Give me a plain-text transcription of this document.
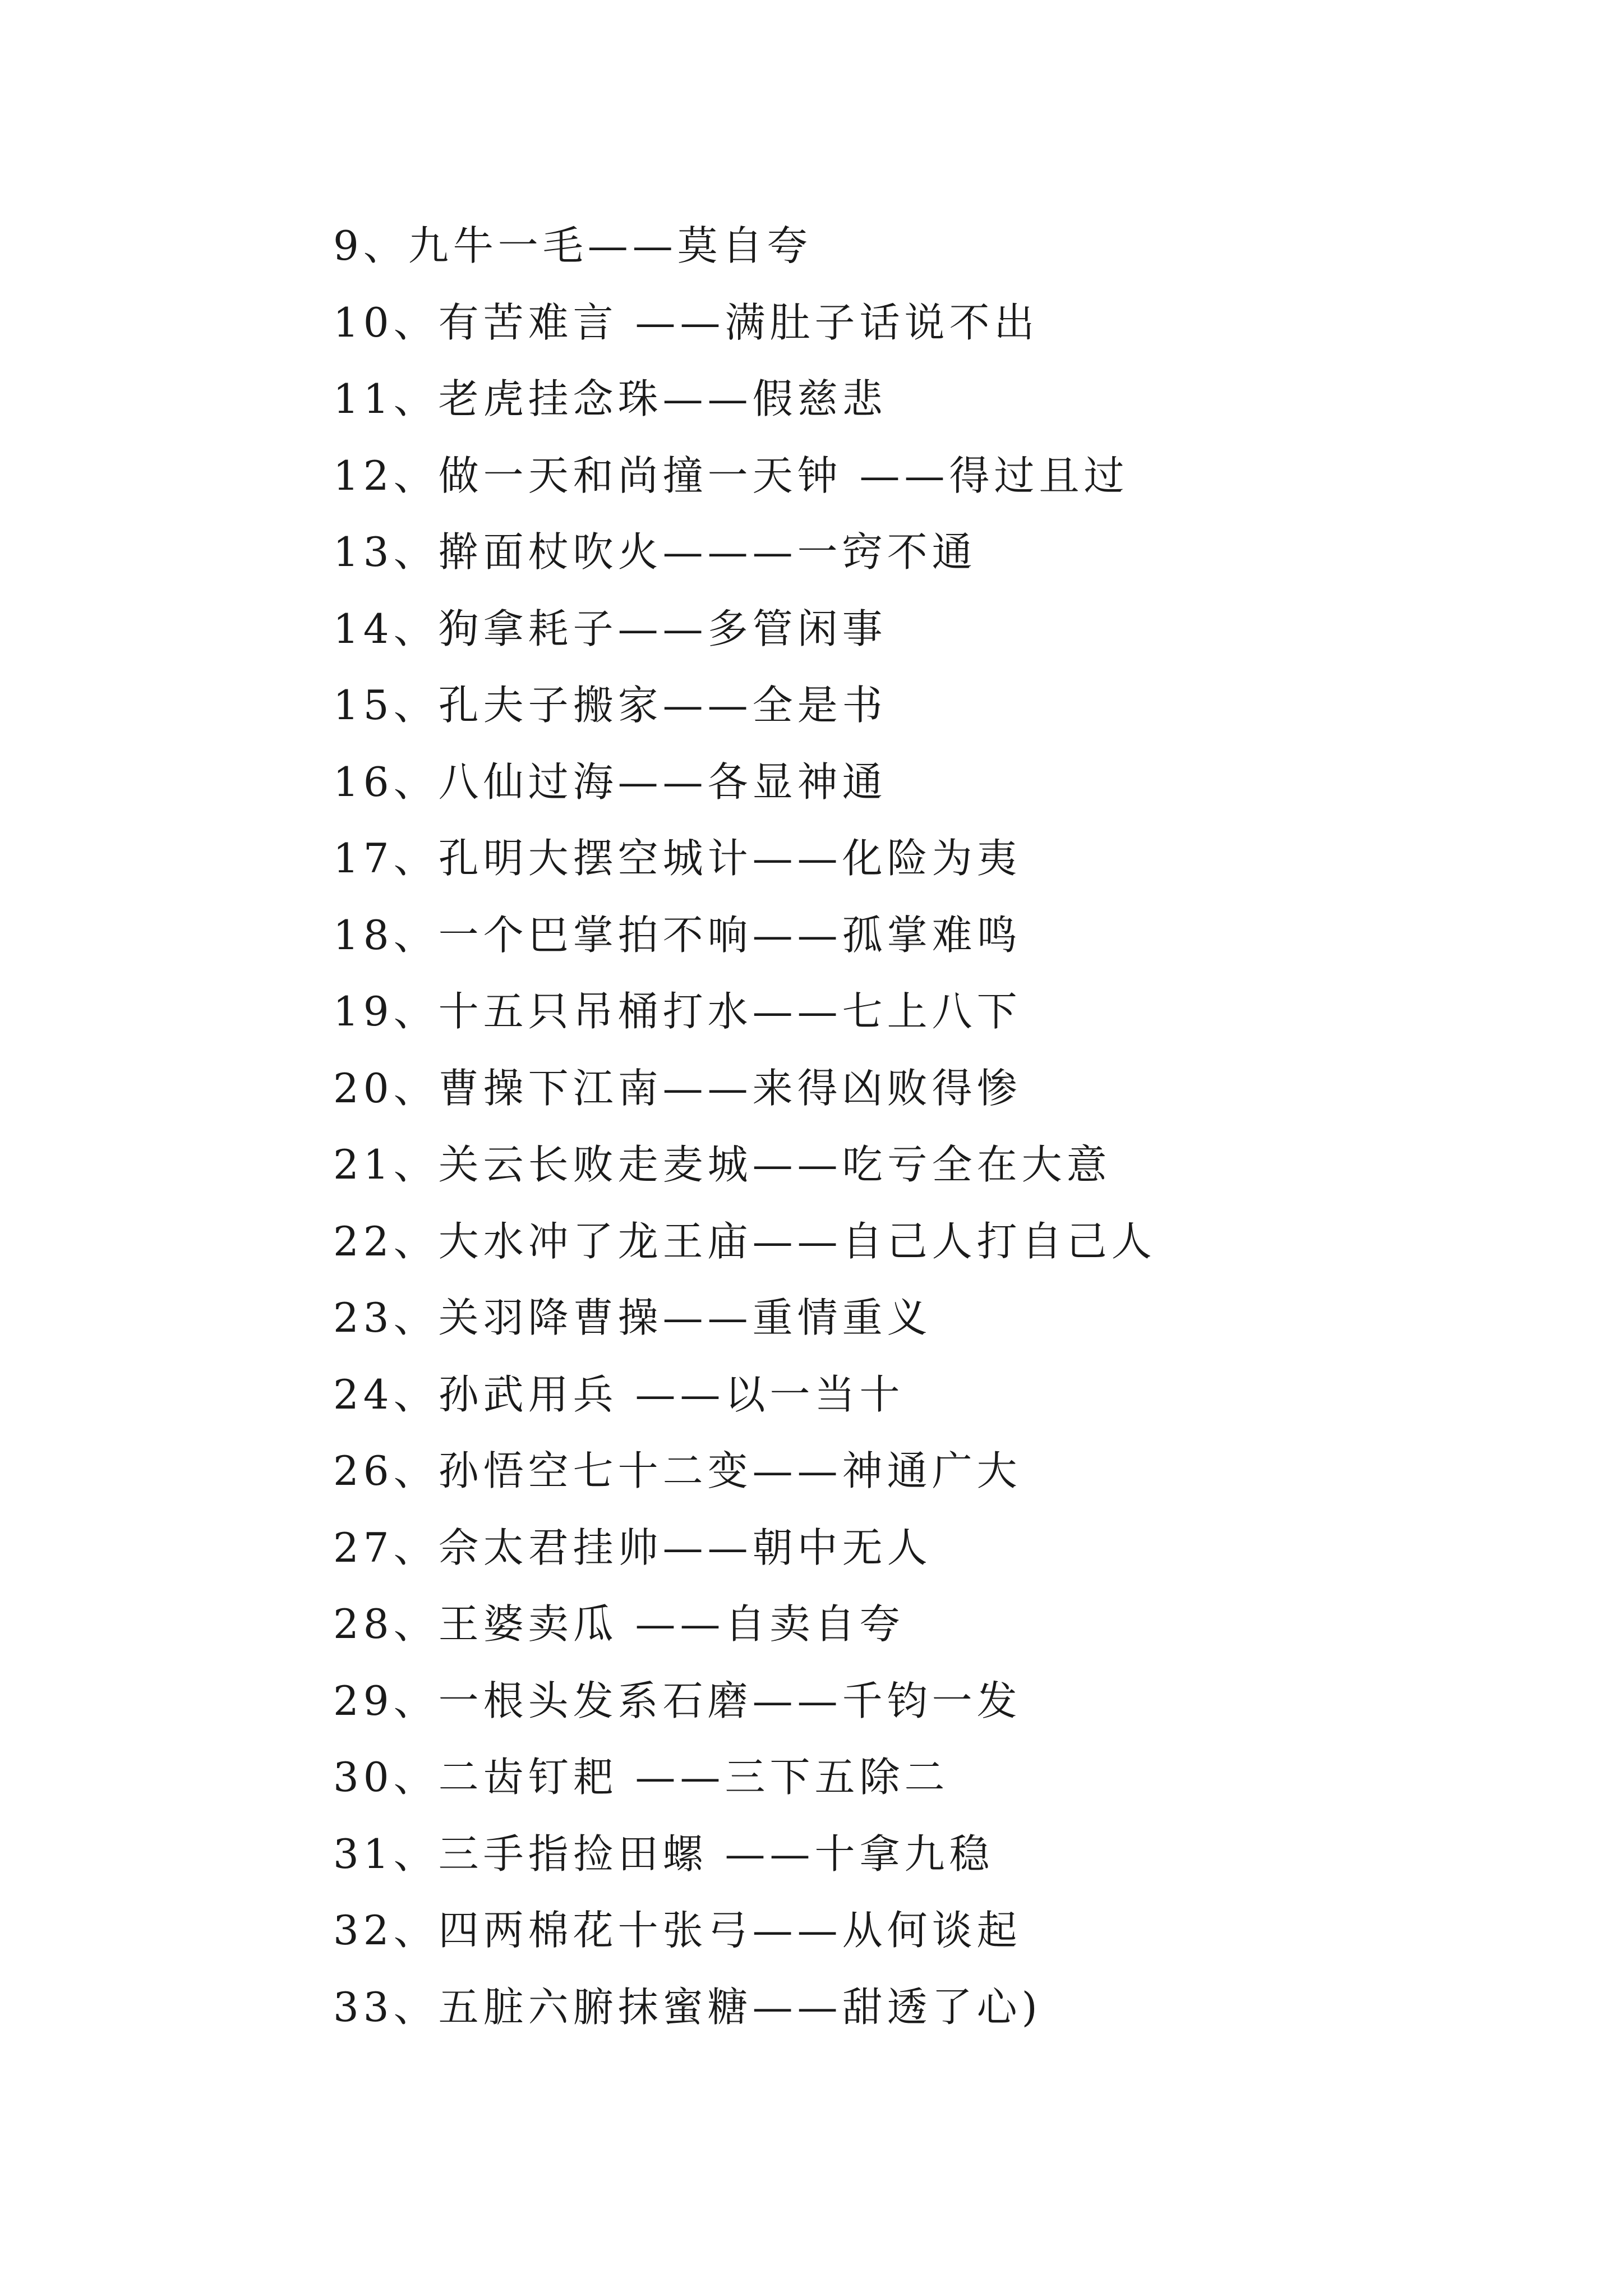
9、九牛一毛——莫自夸
10、有苦难言 ——满肚子话说不出
11、老虎挂念珠——假慈悲
12、做一天和尚撞一天钟 ——得过且过
13、擀面杖吹火———一窍不通
14、狗拿耗子——多管闲事
15、孔夫子搬家——全是书
16、八仙过海——各显神通
17、孔明大摆空城计——化险为夷
18、一个巴掌拍不响——孤掌难鸣
19、十五只吊桶打水——七上八下
20、曹操下江南——来得凶败得惨
21、关云长败走麦城——吃亏全在大意
22、大水冲了龙王庙——自己人打自己人
23、关羽降曹操——重情重义
24、孙武用兵 ——以一当十
26、孙悟空七十二变——神通广大
27、佘太君挂帅——朝中无人
28、王婆卖瓜 ——自卖自夸
29、一根头发系石磨——千钧一发
30、二齿钉耙 ——三下五除二
31、三手指捡田螺 ——十拿九稳
32、四两棉花十张弓——从何谈起
33、五脏六腑抹蜜糖——甜透了心)
